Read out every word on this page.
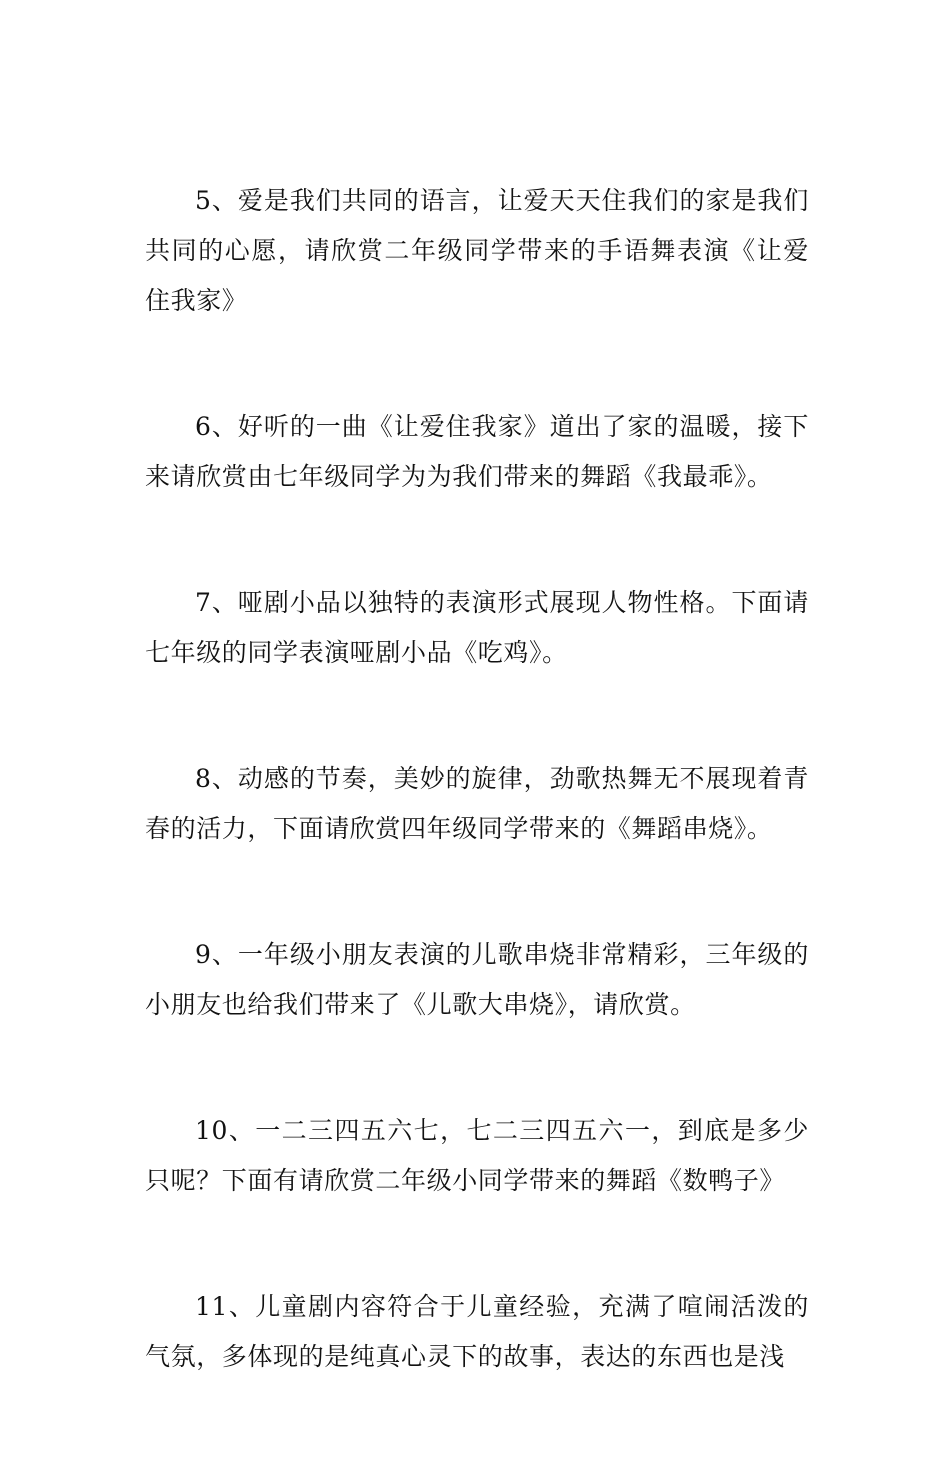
5、爱是我们共同的语言，让爱天天住我们的家是我们共同的心愿，请欣赏二年级同学带来的手语舞表演《让爱住我家》

6、好听的一曲《让爱住我家》道出了家的温暖，接下来请欣赏由七年级同学为为我们带来的舞蹈《我最乖》。

7、哑剧小品以独特的表演形式展现人物性格。下面请七年级的同学表演哑剧小品《吃鸡》。

8、动感的节奏，美妙的旋律，劲歌热舞无不展现着青春的活力，下面请欣赏四年级同学带来的《舞蹈串烧》。

9、一年级小朋友表演的儿歌串烧非常精彩，三年级的小朋友也给我们带来了《儿歌大串烧》，请欣赏。

10、一二三四五六七，七二三四五六一，到底是多少只呢？下面有请欣赏二年级小同学带来的舞蹈《数鸭子》

11、儿童剧内容符合于儿童经验，充满了喧闹活泼的气氛，多体现的是纯真心灵下的故事，表达的东西也是浅
